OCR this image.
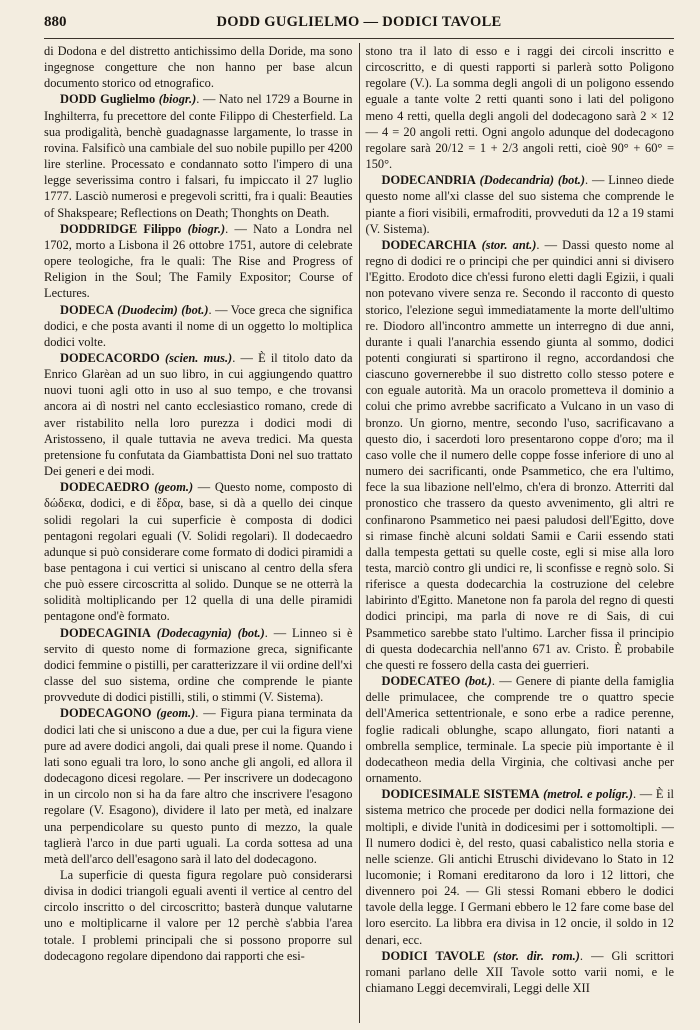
880	DODD GUGLIELMO — DODICI TAVOLE

di Dodona e del distretto antichissimo della Doride, ma sono ingegnose congetture che non hanno per base alcun documento storico od etnografico.

DODD Guglielmo (biogr.). — Nato nel 1729 a Bourne in Inghilterra, fu precettore del conte Filippo di Chesterfield. La sua prodigalità, benchè guadagnasse largamente, lo trasse in rovina. Falsificò una cambiale del suo nobile pupillo per 4200 lire sterline. Processato e condannato sotto l'impero di una legge severissima contro i falsari, fu impiccato il 27 luglio 1777. Lasciò numerosi e pregevoli scritti, fra i quali: Beauties of Shakspeare; Reflections on Death; Thonghts on Death.

DODDRIDGE Filippo (biogr.). — Nato a Londra nel 1702, morto a Lisbona il 26 ottobre 1751, autore di celebrate opere teologiche, fra le quali: The Rise and Progress of Religion in the Soul; The Family Expositor; Course of Lectures.

DODECA (Duodecim) (bot.). — Voce greca che significa dodici, e che posta avanti il nome di un oggetto lo moltiplica dodici volte.

DODECACORDO (scien. mus.). — È il titolo dato da Enrico Glarèan ad un suo libro, in cui aggiungendo quattro nuovi tuoni agli otto in uso al suo tempo, e che trovansi ancora ai dì nostri nel canto ecclesiastico romano, crede di aver ristabilito nella loro purezza i dodici modi di Aristosseno, il quale tuttavia ne aveva tredici. Ma questa pretensione fu confutata da Giambattista Doni nel suo trattato Dei generi e dei modi.

DODECAEDRO (geom.) — Questo nome, composto di δώδεκα, dodici, e di ἕδρα, base, si dà a quello dei cinque solidi regolari la cui superficie è composta di dodici pentagoni regolari eguali (V. Solidi regolari). Il dodecaedro adunque si può considerare come formato di dodici piramidi a base pentagona i cui vertici si uniscano al centro della sfera che può essere circoscritta al solido. Dunque se ne otterrà la solidità moltiplicando per 12 quella di una delle piramidi pentagone ond'è formato.

DODECAGINIA (Dodecagynia) (bot.). — Linneo si è servito di questo nome di formazione greca, significante dodici femmine o pistilli, per caratterizzare il vii ordine dell'xi classe del suo sistema, ordine che comprende le piante provvedute di dodici pistilli, stili, o stimmi (V. Sistema).

DODECAGONO (geom.). — Figura piana terminata da dodici lati che si uniscono a due a due, per cui la figura viene pure ad avere dodici angoli, dai quali prese il nome. Quando i lati sono eguali tra loro, lo sono anche gli angoli, ed allora il dodecagono dicesi regolare. — Per inscrivere un dodecagono in un circolo non si ha da fare altro che inscrivere l'esagono regolare (V. Esagono), dividere il lato per metà, ed inalzare una perpendicolare su questo punto di mezzo, la quale taglierà l'arco in due parti uguali. La corda sottesa ad una metà dell'arco dell'esagono sarà il lato del dodecagono.

La superficie di questa figura regolare può considerarsi divisa in dodici triangoli eguali aventi il vertice al centro del circolo inscritto o del circoscritto; basterà dunque valutarne uno e moltiplicarne il valore per 12 perchè s'abbia l'area totale. I problemi principali che si possono proporre sul dodecagono regolare dipendono dai rapporti che esi-

stono tra il lato di esso e i raggi dei circoli inscritto e circoscritto, e di questi rapporti si parlerà sotto Poligono regolare (V.). La somma degli angoli di un poligono essendo eguale a tante volte 2 retti quanti sono i lati del poligono meno 4 retti, quella degli angoli del dodecagono sarà 2 × 12 — 4 = 20 angoli retti. Ogni angolo adunque del dodecagono regolare sarà 20/12 = 1 + 2/3 angoli retti, cioè 90° + 60° = 150°.

DODECANDRIA (Dodecandria) (bot.). — Linneo diede questo nome all'xi classe del suo sistema che comprende le piante a fiori visibili, ermafroditi, provveduti da 12 a 19 stami (V. Sistema).

DODECARCHIA (stor. ant.). — Dassi questo nome al regno di dodici re o principi che per quindici anni si divisero l'Egitto. Erodoto dice ch'essi furono eletti dagli Egizii, i quali non potevano vivere senza re. Secondo il racconto di questo storico, l'elezione seguì immediatamente la morte dell'ultimo re. Diodoro all'incontro ammette un interregno di due anni, durante i quali l'anarchia essendo giunta al sommo, dodici potenti congiurati si spartirono il regno, accordandosi che ciascuno governerebbe il suo distretto collo stesso potere e con eguale autorità. Ma un oracolo prometteva il dominio a colui che primo avrebbe sacrificato a Vulcano in un vaso di bronzo. Un giorno, mentre, secondo l'uso, sacrificavano a questo dio, i sacerdoti loro presentarono coppe d'oro; ma il caso volle che il numero delle coppe fosse inferiore di uno al numero dei sacrificanti, onde Psammetico, che era l'ultimo, fece la sua libazione nell'elmo, ch'era di bronzo. Atterriti dal pronostico che trassero da questo avvenimento, gli altri re confinarono Psammetico nei paesi paludosi dell'Egitto, dove si rimase finchè alcuni soldati Samii e Carii essendo stati dalla tempesta gettati su quelle coste, egli si mise alla loro testa, marciò contro gli undici re, li sconfisse e regnò solo. Si riferisce a questa dodecarchia la costruzione del celebre labirinto d'Egitto. Manetone non fa parola del regno di questi dodici principi, ma parla di nove re di Sais, di cui Psammetico sarebbe stato l'ultimo. Larcher fissa il principio di questa dodecarchia nell'anno 671 av. Cristo. È probabile che questi re fossero della casta dei guerrieri.

DODECATEO (bot.). — Genere di piante della famiglia delle primulacee, che comprende tre o quattro specie dell'America settentrionale, e sono erbe a radice perenne, foglie radicali oblunghe, scapo allungato, fiori natanti a ombrella semplice, terminale. La specie più importante è il dodecatheon media della Virginia, che coltivasi anche per ornamento.

DODICESIMALE SISTEMA (metrol. e polígr.). — È il sistema metrico che procede per dodici nella formazione dei moltipli, e divide l'unità in dodicesimi per i sottomoltipli. — Il numero dodici è, del resto, quasi cabalistico nella storia e nelle scienze. Gli antichi Etruschi dividevano lo Stato in 12 lucomonie; i Romani ereditarono da loro i 12 littori, che divennero poi 24. — Gli stessi Romani ebbero le dodici tavole della legge. I Germani ebbero le 12 fare come base del loro esercito. La libbra era divisa in 12 oncie, il soldo in 12 denari, ecc.

DODICI TAVOLE (stor. dir. rom.). — Gli scrittori romani parlano delle XII Tavole sotto varii nomi, e le chiamano Leggi decemvirali, Leggi delle XII
